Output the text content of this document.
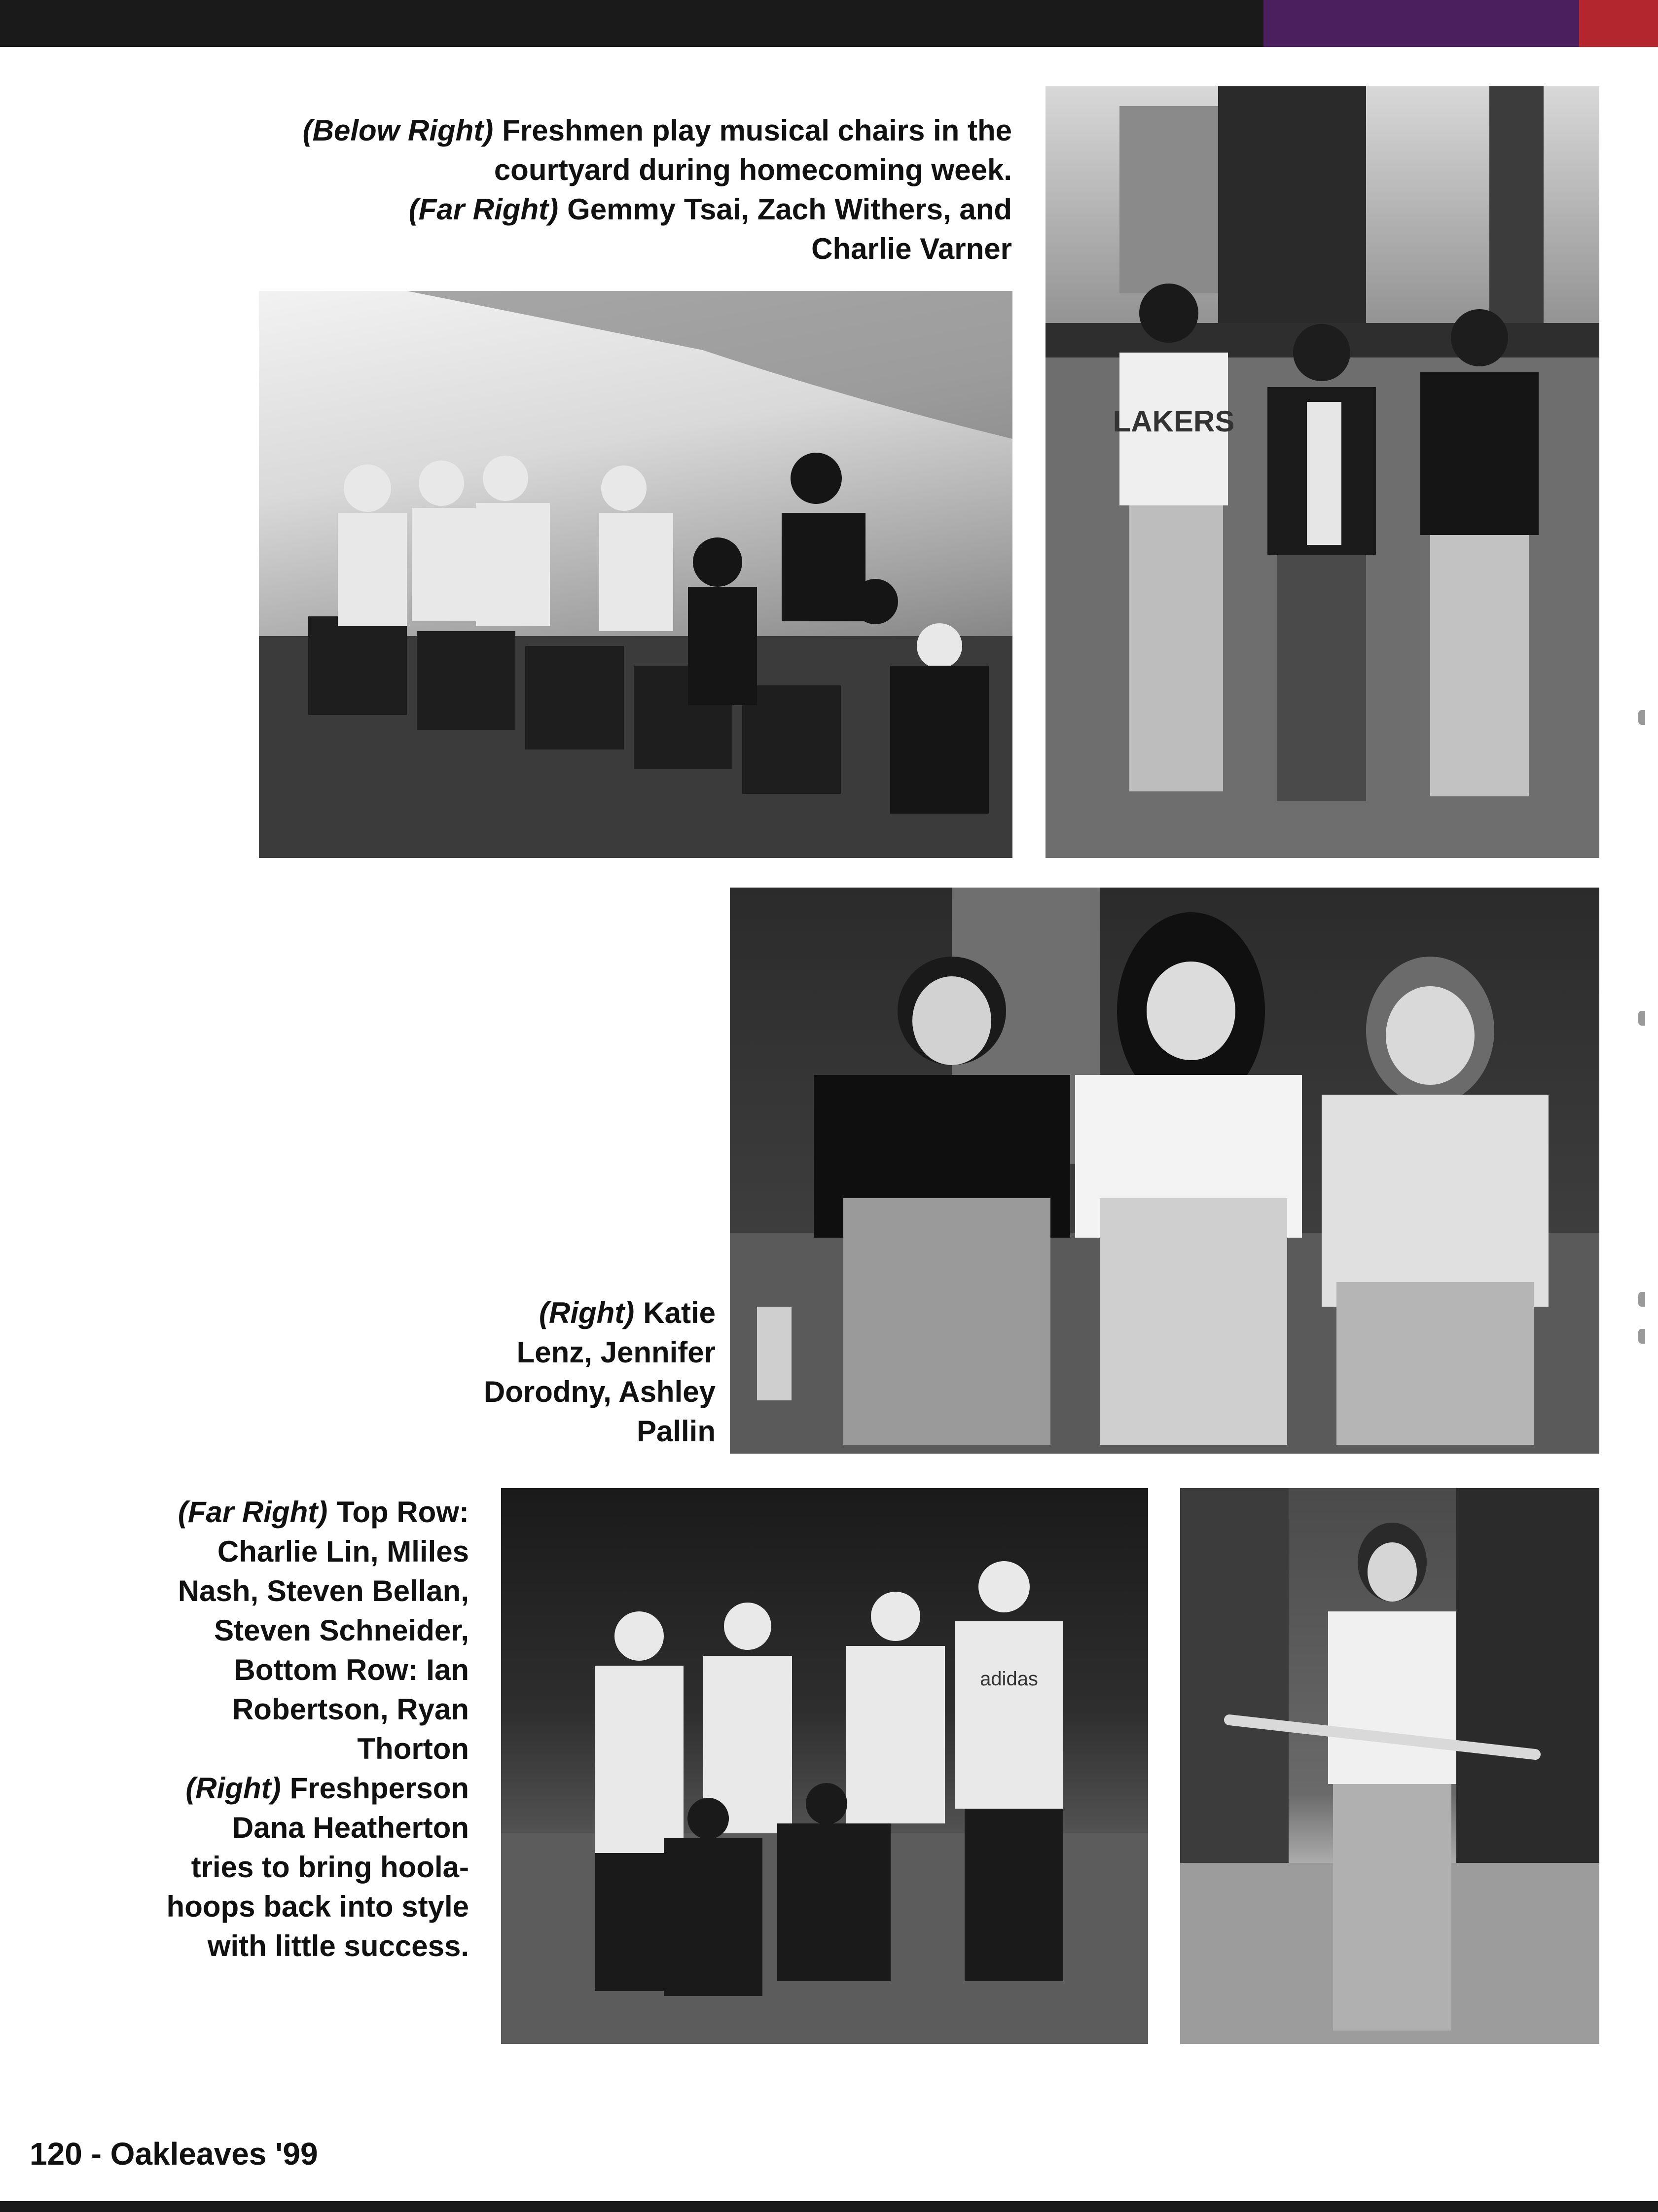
(Below Right) Freshmen play musical chairs in the
courtyard during homecoming week.
(Far Right) Gemmy Tsai, Zach Withers, and
Charlie Varner
LAKERS
(Right) Katie
Lenz, Jennifer
Dorodny, Ashley
Pallin
(Far Right) Top Row:
Charlie Lin, Mliles
Nash, Steven Bellan,
Steven Schneider,
Bottom Row: Ian
Robertson, Ryan
Thorton
(Right) Freshperson
Dana Heatherton
tries to bring hoola-
hoops back into style
with little success.
adidas
120 - Oakleaves '99
